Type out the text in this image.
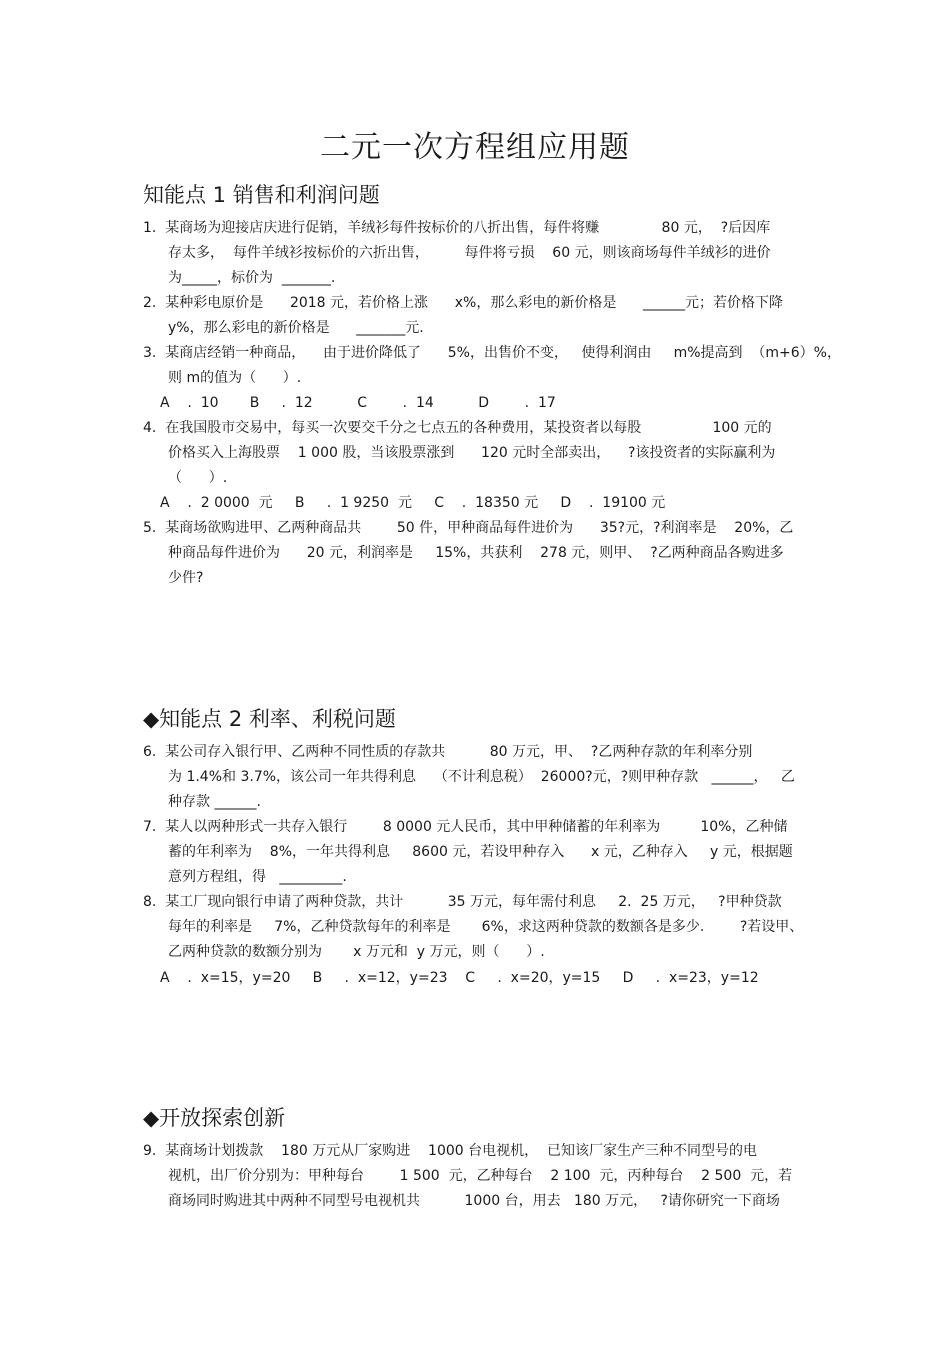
二元一次方程组应用题
知能点 1 销售和利润问题
1.  某商场为迎接店庆进行促销，羊绒衫每件按标价的八折出售，每件将赚              80 元，  ?后因库
存太多，  每件羊绒衫按标价的六折出售，        每件将亏损    60 元，则该商场每件羊绒衫的进价
为_____，标价为  _______.
2.  某种彩电原价是      2018 元，若价格上涨      x%，那么彩电的新价格是      ______元；若价格下降
y%，那么彩电的新价格是      _______元.
3.  某商店经销一种商品，    由于进价降低了      5%，出售价不变，   使得利润由     m%提高到  （m+6）%，
则 m的值为（      ）.
A    .  10       B     .  12          C        .  14          D        .  17
4.  在我国股市交易中，每买一次要交千分之七点五的各种费用，某投资者以每股                100 元的
价格买入上海股票    1 000 股，当该股票涨到      120 元时全部卖出，    ?该投资者的实际赢利为
（      ）.
A    .  2 0000  元     B     .  1 9250  元     C    .  18350 元     D    .  19100 元
5.  某商场欲购进甲、乙两种商品共        50 件，甲种商品每件进价为      35?元，?利润率是    20%，乙
种商品每件进价为      20 元，利润率是     15%，共获利    278 元，则甲、  ?乙两种商品各购进多
少件?
◆知能点 2 利率、利税问题
6.  某公司存入银行甲、乙两种不同性质的存款共          80 万元，甲、  ?乙两种存款的年利率分别
为 1.4%和 3.7%，该公司一年共得利息    （不计利息税）  26000?元，?则甲种存款   ______，   乙
种存款 ______.
7.  某人以两种形式一共存入银行        8 0000 元人民币，其中甲种储蓄的年利率为         10%，乙种储
蓄的年利率为    8%，一年共得利息     8600 元，若设甲种存入      x 元，乙种存入     y 元，根据题
意列方程组，得   _________.
8.  某工厂现向银行申请了两种贷款，共计          35 万元，每年需付利息     2.  25 万元，   ?甲种贷款
每年的利率是     7%，乙种贷款每年的利率是       6%，求这两种贷款的数额各是多少.        ?若设甲、
乙两种贷款的数额分别为       x 万元和  y 万元，则（      ）.
A    .  x=15，y=20     B     .  x=12，y=23    C     .  x=20，y=15     D     .  x=23，y=12
◆开放探索创新
9.  某商场计划拨款    180 万元从厂家购进    1000 台电视机，  已知该厂家生产三种不同型号的电
视机，出厂价分别为：甲种每台        1 500  元，乙种每台    2 100  元，丙种每台    2 500  元，若
商场同时购进其中两种不同型号电视机共          1000 台，用去   180 万元，   ?请你研究一下商场
